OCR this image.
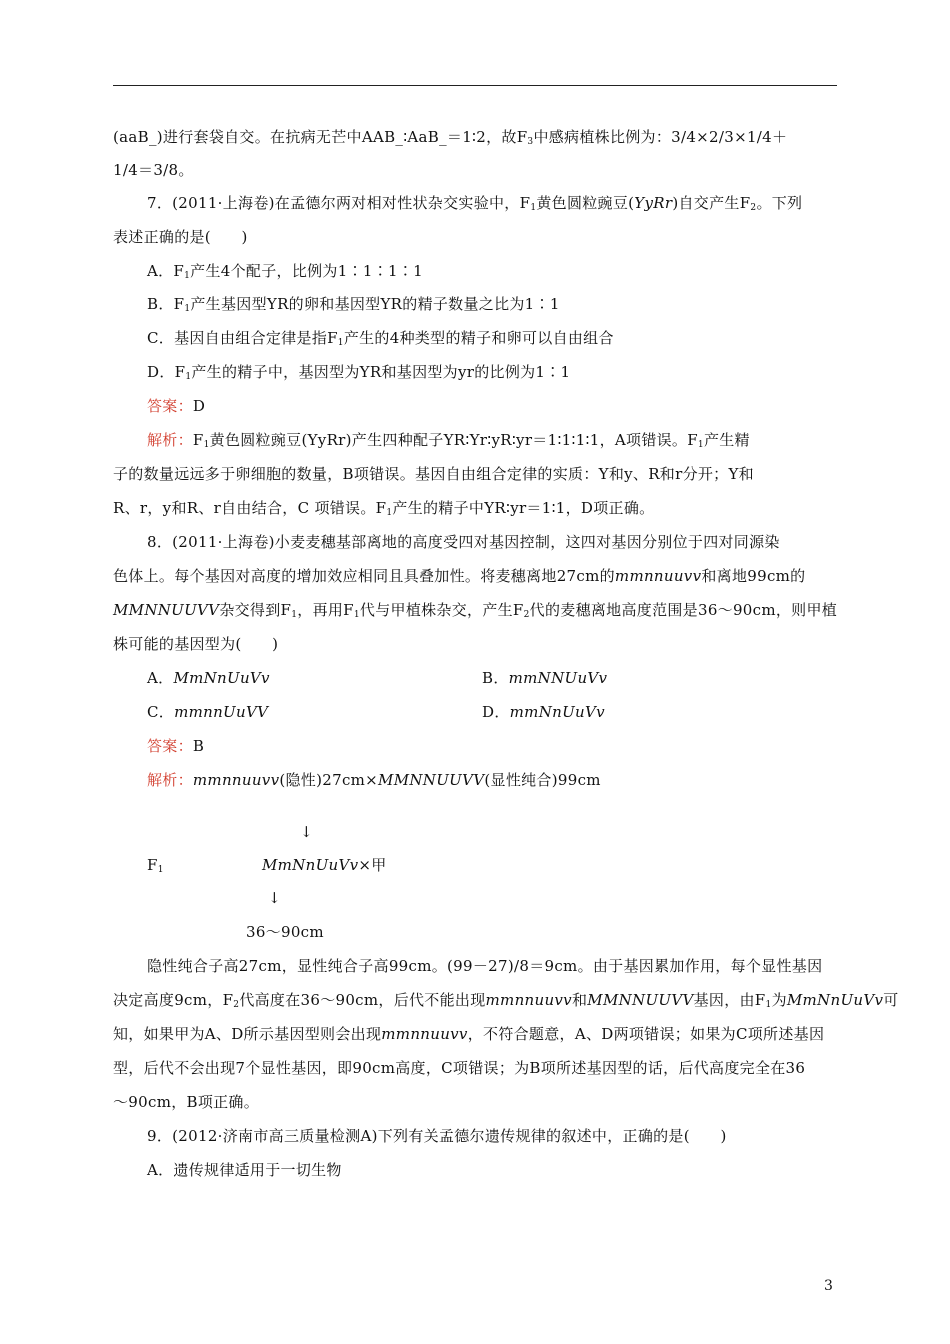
(aaB_)进行套袋自交。在抗病无芒中AAB_∶AaB_＝1∶2，故$F_3$中感病植株比例为：3/4×2/3×1/4＋
1/4＝3/8。
7．(2011·上海卷)在孟德尔两对相对性状杂交实验中，$F_1$黄色圆粒豌豆(YyRr)自交产生$F_2$。下列
表述正确的是(　　)
A．$F_1$产生4个配子，比例为1∶1∶1∶1
B．$F_1$产生基因型YR的卵和基因型YR的精子数量之比为1∶1
C．基因自由组合定律是指$F_1$产生的4种类型的精子和卵可以自由组合
D．$F_1$产生的精子中，基因型为YR和基因型为yr的比例为1∶1
答案：D
解析：$F_1$黄色圆粒豌豆(YyRr)产生四种配子YR∶Yr∶yR∶yr＝1∶1∶1∶1，A项错误。$F_1$产生精
子的数量远远多于卵细胞的数量，B项错误。基因自由组合定律的实质：Y和y、R和r分开；Y和
R、r，y和R、r自由结合，C 项错误。$F_1$产生的精子中YR∶yr＝1∶1，D项正确。
8．(2011·上海卷)小麦麦穗基部离地的高度受四对基因控制，这四对基因分别位于四对同源染
色体上。每个基因对高度的增加效应相同且具叠加性。将麦穗离地27cm的mmnnuuvv和离地99cm的
MMNNUUVV杂交得到$F_1$，再用$F_1$代与甲植株杂交，产生$F_2$代的麦穗离地高度范围是36～90cm，则甲植
株可能的基因型为(　　)
A．MmNnUuVv	B．mmNNUuVv
C．mmnnUuVV	D．mmNnUuVv
答案：B
解析：mmnnuuvv(隐性)27cm×MMNNUUVV(显性纯合)99cm
↓
$F_1$	MmNnUuVv×甲
↓
36～90cm
隐性纯合子高27cm，显性纯合子高99cm。(99－27)/8＝9cm。由于基因累加作用，每个显性基因
决定高度9cm，$F_2$代高度在36～90cm，后代不能出现mmnnuuvv和MMNNUUVV基因，由$F_1$为MmNnUuVv可
知，如果甲为A、D所示基因型则会出现mmnnuuvv，不符合题意，A、D两项错误；如果为C项所述基因
型，后代不会出现7个显性基因，即90cm高度，C项错误；为B项所述基因型的话，后代高度完全在36
～90cm，B项正确。
9．(2012·济南市高三质量检测A)下列有关孟德尔遗传规律的叙述中，正确的是(　　)
A．遗传规律适用于一切生物
3
